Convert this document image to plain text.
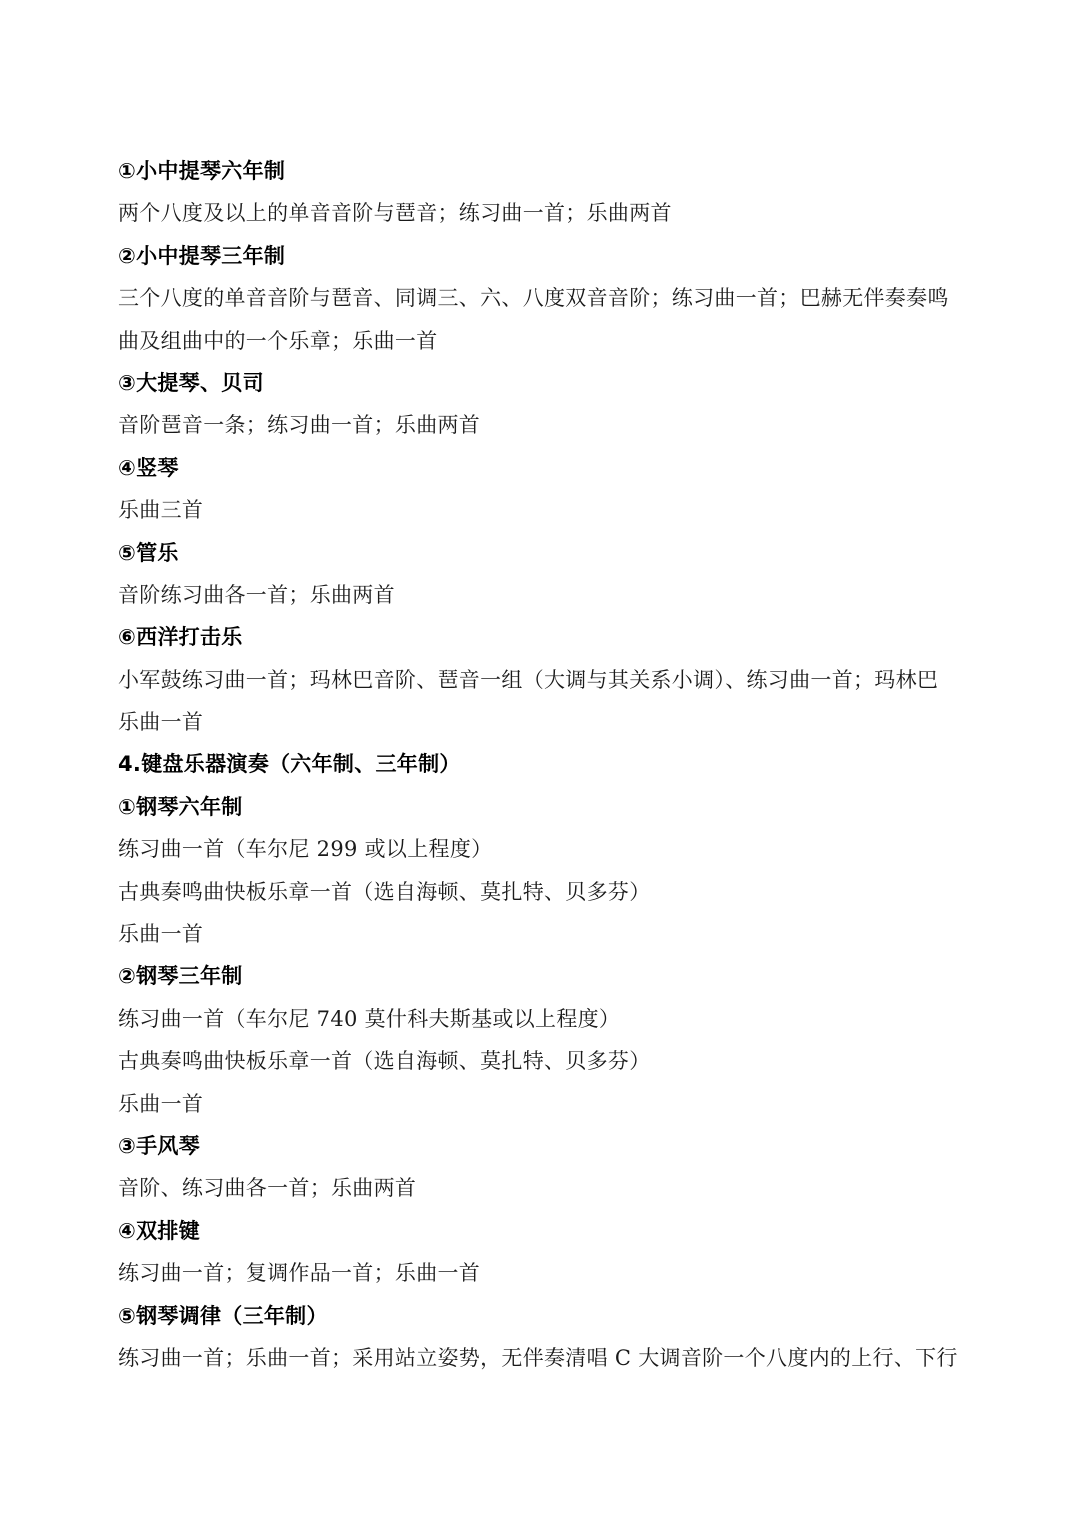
①小中提琴六年制
两个八度及以上的单音音阶与琶音；练习曲一首；乐曲两首
②小中提琴三年制
三个八度的单音音阶与琶音、同调三、六、八度双音音阶；练习曲一首；巴赫无伴奏奏鸣
曲及组曲中的一个乐章；乐曲一首
③大提琴、贝司
音阶琶音一条；练习曲一首；乐曲两首
④竖琴
乐曲三首
⑤管乐
音阶练习曲各一首；乐曲两首
⑥西洋打击乐
小军鼓练习曲一首；玛林巴音阶、琶音一组（大调与其关系小调）、练习曲一首；玛林巴
乐曲一首
4.键盘乐器演奏（六年制、三年制）
①钢琴六年制
练习曲一首（车尔尼 299 或以上程度）
古典奏鸣曲快板乐章一首（选自海顿、莫扎特、贝多芬）
乐曲一首
②钢琴三年制
练习曲一首（车尔尼 740 莫什科夫斯基或以上程度）
古典奏鸣曲快板乐章一首（选自海顿、莫扎特、贝多芬）
乐曲一首
③手风琴
音阶、练习曲各一首；乐曲两首
④双排键
练习曲一首；复调作品一首；乐曲一首
⑤钢琴调律（三年制）
练习曲一首；乐曲一首；采用站立姿势，无伴奏清唱 C 大调音阶一个八度内的上行、下行
